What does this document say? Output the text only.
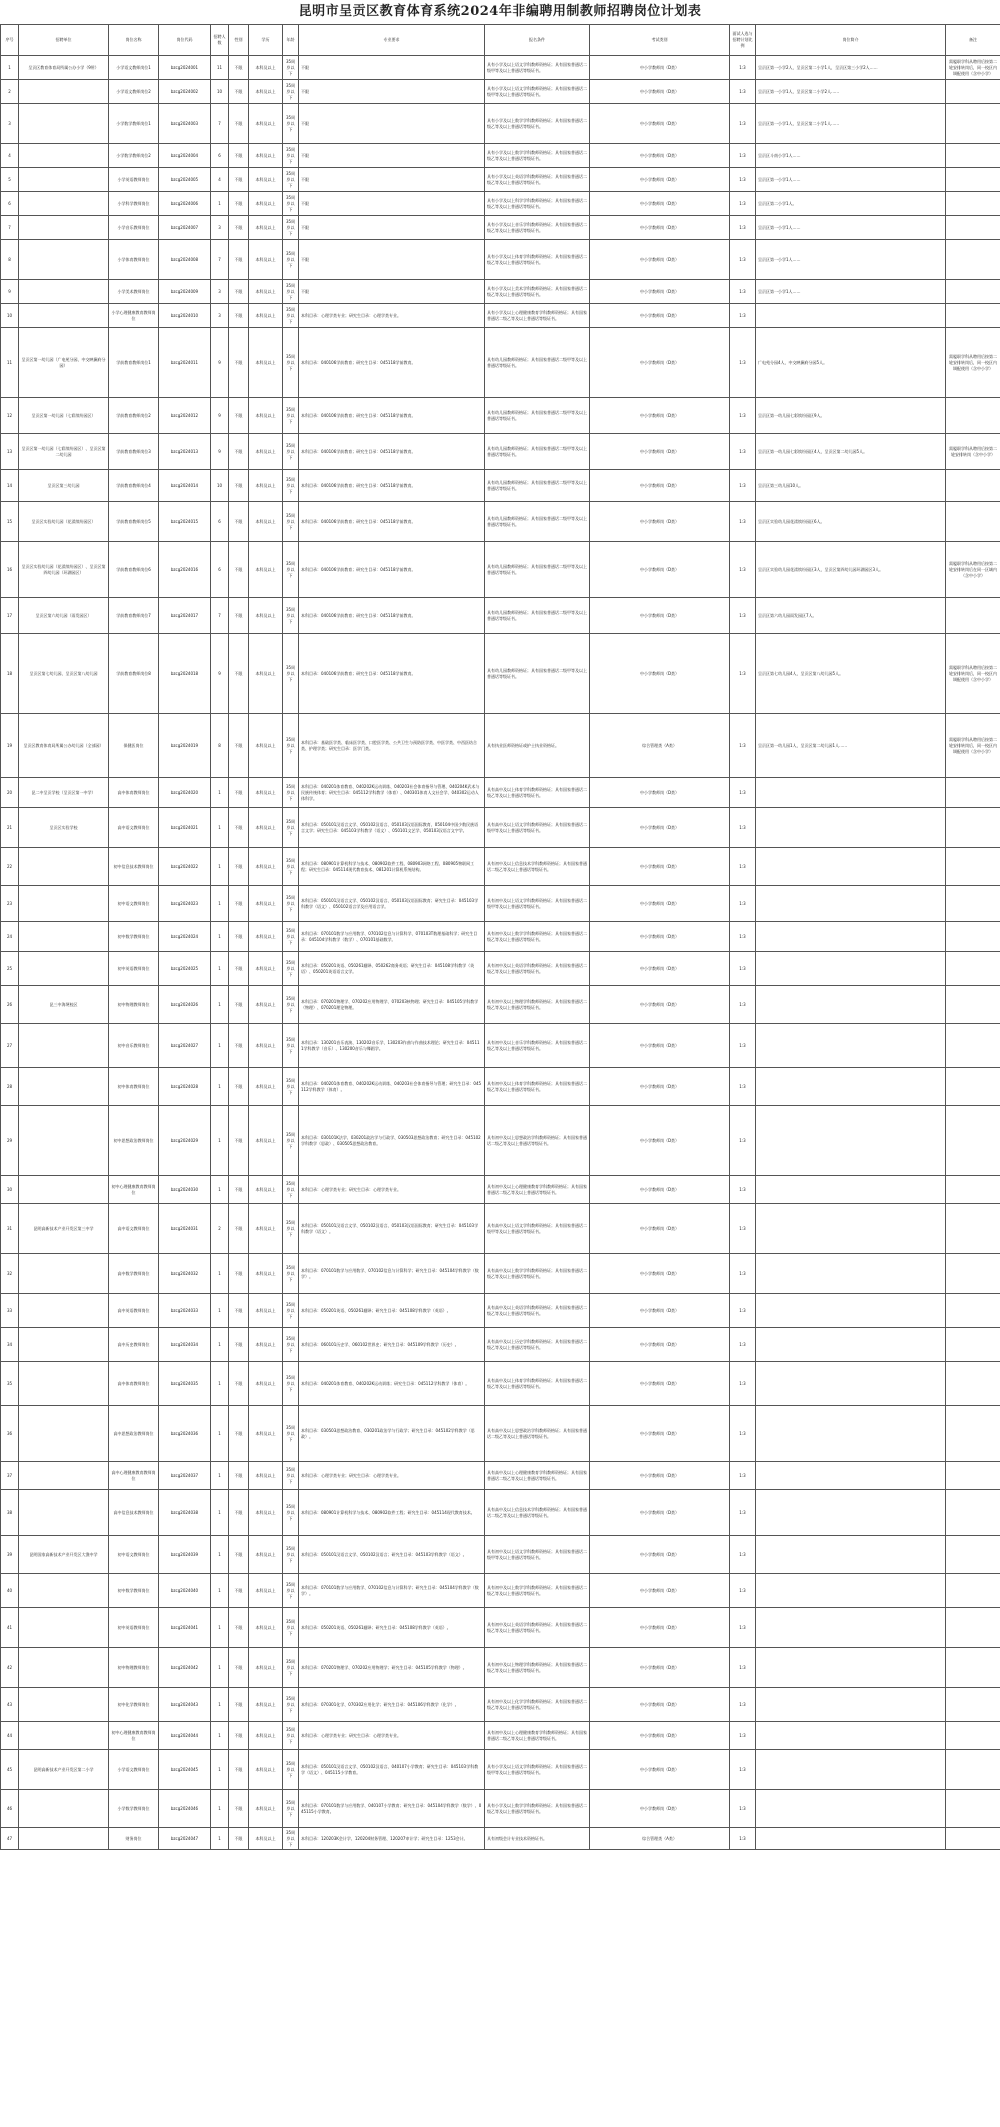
昆明市呈贡区教育体育系统2024年非编聘用制教师招聘岗位计划表
序号	招聘单位	岗位名称	岗位代码	招聘人数	性别	学历	年龄	专业要求	报名条件	考试类别	面试人选与招聘计划比例	岗位简介	备注
1	呈贡区教育体育局所属公办小学（9所）	小学语文教师岗位1	bzcg2024001	11	不限	本科及以上	35周岁以下	不限	具有小学及以上语文学科教师资格证；具有国家普通话二级甲等及以上普通话等级证书。	中小学教师岗（D类）	1:3	呈贡区第一小学2人，呈贡区第二小学1人，呈贡区第三小学2人……	需履职学科从聘用后按第二轮安排转岗后，同一校区内调配使用（含中小学）
2		小学语文教师岗位2	bzcg2024002	10	不限	本科及以上	35周岁以下	不限	具有小学及以上语文学科教师资格证；具有国家普通话二级甲等及以上普通话等级证书。	中小学教师岗（D类）	1:3	呈贡区第一小学1人，呈贡区第二小学2人……	
3		小学数学教师岗位1	bzcg2024003	7	不限	本科及以上	35周岁以下	不限	具有小学及以上数学学科教师资格证；具有国家普通话二级乙等及以上普通话等级证书。	中小学教师岗（D类）	1:3	呈贡区第一小学1人，呈贡区第二小学1人……	
4		小学数学教师岗位2	bzcg2024004	6	不限	本科及以上	35周岁以下	不限	具有小学及以上数学学科教师资格证；具有国家普通话二级乙等及以上普通话等级证书。	中小学教师岗（D类）	1:3	呈贡区斗南小学1人……	
5		小学英语教师岗位	bzcg2024005	4	不限	本科及以上	35周岁以下	不限	具有小学及以上英语学科教师资格证；具有国家普通话二级乙等及以上普通话等级证书。	中小学教师岗（D类）	1:3	呈贡区第一小学1人……	
6		小学科学教师岗位	bzcg2024006	1	不限	本科及以上	35周岁以下	不限	具有小学及以上科学学科教师资格证；具有国家普通话二级乙等及以上普通话等级证书。	中小学教师岗（D类）	1:3	呈贡区第二小学1人。	
7		小学音乐教师岗位	bzcg2024007	3	不限	本科及以上	35周岁以下	不限	具有小学及以上音乐学科教师资格证；具有国家普通话二级乙等及以上普通话等级证书。	中小学教师岗（D类）	1:3	呈贡区第一小学1人……	
8		小学体育教师岗位	bzcg2024008	7	不限	本科及以上	35周岁以下	不限	具有小学及以上体育学科教师资格证；具有国家普通话二级乙等及以上普通话等级证书。	中小学教师岗（D类）	1:3	呈贡区第一小学1人……	
9		小学美术教师岗位	bzcg2024009	3	不限	本科及以上	35周岁以下	不限	具有小学及以上美术学科教师资格证；具有国家普通话二级乙等及以上普通话等级证书。	中小学教师岗（D类）	1:3	呈贡区第一小学1人……	
10		小学心理健康教育教师岗位	bzcg2024010	3	不限	本科及以上	35周岁以下	本科目录：心理学类专业；研究生目录：心理学类专业。	具有小学及以上心理健康教育学科教师资格证；具有国家普通话二级乙等及以上普通话等级证书。	中小学教师岗（D类）	1:3		
11	呈贡区第一幼儿园（广电苑分园、中交映澜府分园）	学前教育教师岗位1	bzcg2024011	9	不限	本科及以上	35周岁以下	本科目录：040106学前教育；研究生目录：045118学前教育。	具有幼儿园教师资格证；具有国家普通话二级甲等及以上普通话等级证书。	中小学教师岗（D类）	1:3	广电苑分园4人，中交映澜府分园5人。	需履职学科从聘用后按第二轮安排转岗后，同一校区内调配使用（含中小学）
12	呈贡区第一幼儿园（七彩缤纷园区）	学前教育教师岗位2	bzcg2024012	9	不限	本科及以上	35周岁以下	本科目录：040106学前教育；研究生目录：045118学前教育。	具有幼儿园教师资格证；具有国家普通话二级甲等及以上普通话等级证书。	中小学教师岗（D类）	1:3	呈贡区第一幼儿园七彩缤纷园区9人。	
13	呈贡区第一幼儿园（七彩缤纷园区）、呈贡区第二幼儿园	学前教育教师岗位3	bzcg2024013	9	不限	本科及以上	35周岁以下	本科目录：040106学前教育；研究生目录：045118学前教育。	具有幼儿园教师资格证；具有国家普通话二级甲等及以上普通话等级证书。	中小学教师岗（D类）	1:3	呈贡区第一幼儿园七彩缤纷园区4人，呈贡区第二幼儿园5人。	需履职学科从聘用后按第二轮安排转岗（含中小学）
14	呈贡区第三幼儿园	学前教育教师岗位4	bzcg2024014	10	不限	本科及以上	35周岁以下	本科目录：040106学前教育；研究生目录：045118学前教育。	具有幼儿园教师资格证；具有国家普通话二级甲等及以上普通话等级证书。	中小学教师岗（D类）	1:3	呈贡区第三幼儿园10人。	
15	呈贡区实验幼儿园（花漾缤纷园区）	学前教育教师岗位5	bzcg2024015	6	不限	本科及以上	35周岁以下	本科目录：040106学前教育；研究生目录：045118学前教育。	具有幼儿园教师资格证；具有国家普通话二级甲等及以上普通话等级证书。	中小学教师岗（D类）	1:3	呈贡区实验幼儿园花漾缤纷园区6人。	
16	呈贡区实验幼儿园（花漾缤纷园区）、呈贡区第四幼儿园（环湖园区）	学前教育教师岗位6	bzcg2024016	6	不限	本科及以上	35周岁以下	本科目录：040106学前教育；研究生目录：045118学前教育。	具有幼儿园教师资格证；具有国家普通话二级甲等及以上普通话等级证书。	中小学教师岗（D类）	1:3	呈贡区实验幼儿园花漾缤纷园区3人，呈贡区第四幼儿园环湖园区3人。	需履职学科从聘用后按第二轮安排转岗后在同一区域内（含中小学）
17	呈贡区第六幼儿园（雨发园区）	学前教育教师岗位7	bzcg2024017	7	不限	本科及以上	35周岁以下	本科目录：040106学前教育；研究生目录：045118学前教育。	具有幼儿园教师资格证；具有国家普通话二级甲等及以上普通话等级证书。	中小学教师岗（D类）	1:3	呈贡区第六幼儿园雨发园区7人。	
18	呈贡区第七幼儿园、呈贡区第八幼儿园	学前教育教师岗位8	bzcg2024018	9	不限	本科及以上	35周岁以下	本科目录：040106学前教育；研究生目录：045118学前教育。	具有幼儿园教师资格证；具有国家普通话二级甲等及以上普通话等级证书。	中小学教师岗（D类）	1:3	呈贡区第七幼儿园4人，呈贡区第八幼儿园5人。	需履职学科从聘用后按第二轮安排转岗后，同一校区内调配使用（含中小学）
19	呈贡区教育体育局所属公办幼儿园（全部园）	保健医岗位	bzcg2024019	8	不限	本科及以上	35周岁以下	本科目录：基础医学类、临床医学类、口腔医学类、公共卫生与预防医学类、中医学类、中西医结合类、护理学类；研究生目录：医学门类。	具有执业医师资格证或护士执业资格证。	综合管理类（A类）	1:3	呈贡区第一幼儿园1人，呈贡区第二幼儿园1人……	需履职学科从聘用后按第二轮安排转岗后，同一校区内调配使用（含中小学）
20	昆二中呈贡学校（呈贡区第一中学）	高中体育教师岗位	bzcg2024020	1	不限	本科及以上	35周岁以下	本科目录：040201体育教育、040202K运动训练、040203社会体育指导与管理、040204K武术与民族传统体育；研究生目录：045112学科教学（体育）、040301体育人文社会学、040302运动人体科学。	具有高中及以上体育学科教师资格证；具有国家普通话二级乙等及以上普通话等级证书。	中小学教师岗（D类）	1:3		
21	呈贡区实验学校	高中语文教师岗位	bzcg2024021	1	不限	本科及以上	35周岁以下	本科目录：050101汉语言文学、050102汉语言、050103汉语国际教育、050104中国少数民族语言文学；研究生目录：045103学科教学（语文）、050101文艺学、050103汉语言文字学。	具有高中及以上语文学科教师资格证；具有国家普通话二级甲等及以上普通话等级证书。	中小学教师岗（D类）	1:3		
22		初中信息技术教师岗位	bzcg2024022	1	不限	本科及以上	35周岁以下	本科目录：080901计算机科学与技术、080902软件工程、080903网络工程、080905物联网工程；研究生目录：045114现代教育技术、081201计算机系统结构。	具有初中及以上信息技术学科教师资格证；具有国家普通话二级乙等及以上普通话等级证书。	中小学教师岗（D类）	1:3		
23		初中语文教师岗位	bzcg2024023	1	不限	本科及以上	35周岁以下	本科目录：050101汉语言文学、050102汉语言、050103汉语国际教育；研究生目录：045103学科教学（语文）、050102语言学及应用语言学。	具有初中及以上语文学科教师资格证；具有国家普通话二级甲等及以上普通话等级证书。	中小学教师岗（D类）	1:3		
24		初中数学教师岗位	bzcg2024024	1	不限	本科及以上	35周岁以下	本科目录：070101数学与应用数学、070102信息与计算科学、070103T数理基础科学；研究生目录：045104学科教学（数学）、070101基础数学。	具有初中及以上数学学科教师资格证；具有国家普通话二级乙等及以上普通话等级证书。	中小学教师岗（D类）	1:3		
25		初中英语教师岗位	bzcg2024025	1	不限	本科及以上	35周岁以下	本科目录：050201英语、050261翻译、050262商务英语；研究生目录：045108学科教学（英语）、050201英语语言文学。	具有初中及以上英语学科教师资格证；具有国家普通话二级乙等及以上普通话等级证书。	中小学教师岗（D类）	1:3		
26	昆三中海埂校区	初中物理教师岗位	bzcg2024026	1	不限	本科及以上	35周岁以下	本科目录：070201物理学、070202应用物理学、070203核物理；研究生目录：045105学科教学（物理）、070201理论物理。	具有初中及以上物理学科教师资格证；具有国家普通话二级乙等及以上普通话等级证书。	中小学教师岗（D类）	1:3		
27		初中音乐教师岗位	bzcg2024027	1	不限	本科及以上	35周岁以下	本科目录：130201音乐表演、130202音乐学、130203作曲与作曲技术理论；研究生目录：045111学科教学（音乐）、130200音乐与舞蹈学。	具有初中及以上音乐学科教师资格证；具有国家普通话二级乙等及以上普通话等级证书。	中小学教师岗（D类）	1:3		
28		初中体育教师岗位	bzcg2024028	1	不限	本科及以上	35周岁以下	本科目录：040201体育教育、040202K运动训练、040203社会体育指导与管理；研究生目录：045112学科教学（体育）。	具有初中及以上体育学科教师资格证；具有国家普通话二级乙等及以上普通话等级证书。	中小学教师岗（D类）	1:3		
29		初中思想政治教师岗位	bzcg2024029	1	不限	本科及以上	35周岁以下	本科目录：030101K法学、030201政治学与行政学、030503思想政治教育；研究生目录：045102学科教学（思政）、030505思想政治教育。	具有初中及以上思想政治学科教师资格证；具有国家普通话二级乙等及以上普通话等级证书。	中小学教师岗（D类）	1:3		
30		初中心理健康教育教师岗位	bzcg2024030	1	不限	本科及以上	35周岁以下	本科目录：心理学类专业；研究生目录：心理学类专业。	具有初中及以上心理健康教育学科教师资格证；具有国家普通话二级乙等及以上普通话等级证书。	中小学教师岗（D类）	1:3		
31	昆明高新技术产业开发区第三中学	高中语文教师岗位	bzcg2024031	2	不限	本科及以上	35周岁以下	本科目录：050101汉语言文学、050102汉语言、050103汉语国际教育；研究生目录：045103学科教学（语文）。	具有高中及以上语文学科教师资格证；具有国家普通话二级甲等及以上普通话等级证书。	中小学教师岗（D类）	1:3		
32		高中数学教师岗位	bzcg2024032	1	不限	本科及以上	35周岁以下	本科目录：070101数学与应用数学、070102信息与计算科学；研究生目录：045104学科教学（数学）。	具有高中及以上数学学科教师资格证；具有国家普通话二级乙等及以上普通话等级证书。	中小学教师岗（D类）	1:3		
33		高中英语教师岗位	bzcg2024033	1	不限	本科及以上	35周岁以下	本科目录：050201英语、050261翻译；研究生目录：045108学科教学（英语）。	具有高中及以上英语学科教师资格证；具有国家普通话二级乙等及以上普通话等级证书。	中小学教师岗（D类）	1:3		
34		高中历史教师岗位	bzcg2024034	1	不限	本科及以上	35周岁以下	本科目录：060101历史学、060102世界史；研究生目录：045109学科教学（历史）。	具有高中及以上历史学科教师资格证；具有国家普通话二级乙等及以上普通话等级证书。	中小学教师岗（D类）	1:3		
35		高中体育教师岗位	bzcg2024035	1	不限	本科及以上	35周岁以下	本科目录：040201体育教育、040202K运动训练；研究生目录：045112学科教学（体育）。	具有高中及以上体育学科教师资格证；具有国家普通话二级乙等及以上普通话等级证书。	中小学教师岗（D类）	1:3		
36		高中思想政治教师岗位	bzcg2024036	1	不限	本科及以上	35周岁以下	本科目录：030503思想政治教育、030201政治学与行政学；研究生目录：045102学科教学（思政）。	具有高中及以上思想政治学科教师资格证；具有国家普通话二级乙等及以上普通话等级证书。	中小学教师岗（D类）	1:3		
37		高中心理健康教育教师岗位	bzcg2024037	1	不限	本科及以上	35周岁以下	本科目录：心理学类专业；研究生目录：心理学类专业。	具有高中及以上心理健康教育学科教师资格证；具有国家普通话二级乙等及以上普通话等级证书。	中小学教师岗（D类）	1:3		
38		高中信息技术教师岗位	bzcg2024038	1	不限	本科及以上	35周岁以下	本科目录：080901计算机科学与技术、080902软件工程；研究生目录：045114现代教育技术。	具有高中及以上信息技术学科教师资格证；具有国家普通话二级乙等及以上普通话等级证书。	中小学教师岗（D类）	1:3		
39	昆明国家高新技术产业开发区大渔中学	初中语文教师岗位	bzcg2024039	1	不限	本科及以上	35周岁以下	本科目录：050101汉语言文学、050102汉语言；研究生目录：045103学科教学（语文）。	具有初中及以上语文学科教师资格证；具有国家普通话二级甲等及以上普通话等级证书。	中小学教师岗（D类）	1:3		
40		初中数学教师岗位	bzcg2024040	1	不限	本科及以上	35周岁以下	本科目录：070101数学与应用数学、070102信息与计算科学；研究生目录：045104学科教学（数学）。	具有初中及以上数学学科教师资格证；具有国家普通话二级乙等及以上普通话等级证书。	中小学教师岗（D类）	1:3		
41		初中英语教师岗位	bzcg2024041	1	不限	本科及以上	35周岁以下	本科目录：050201英语、050261翻译；研究生目录：045108学科教学（英语）。	具有初中及以上英语学科教师资格证；具有国家普通话二级乙等及以上普通话等级证书。	中小学教师岗（D类）	1:3		
42		初中物理教师岗位	bzcg2024042	1	不限	本科及以上	35周岁以下	本科目录：070201物理学、070202应用物理学；研究生目录：045105学科教学（物理）。	具有初中及以上物理学科教师资格证；具有国家普通话二级乙等及以上普通话等级证书。	中小学教师岗（D类）	1:3		
43		初中化学教师岗位	bzcg2024043	1	不限	本科及以上	35周岁以下	本科目录：070301化学、070302应用化学；研究生目录：045106学科教学（化学）。	具有初中及以上化学学科教师资格证；具有国家普通话二级乙等及以上普通话等级证书。	中小学教师岗（D类）	1:3		
44		初中心理健康教育教师岗位	bzcg2024044	1	不限	本科及以上	35周岁以下	本科目录：心理学类专业；研究生目录：心理学类专业。	具有初中及以上心理健康教育学科教师资格证；具有国家普通话二级乙等及以上普通话等级证书。	中小学教师岗（D类）	1:3		
45	昆明高新技术产业开发区第二小学	小学语文教师岗位	bzcg2024045	1	不限	本科及以上	35周岁以下	本科目录：050101汉语言文学、050102汉语言、040107小学教育；研究生目录：045103学科教学（语文）、045115小学教育。	具有小学及以上语文学科教师资格证；具有国家普通话二级甲等及以上普通话等级证书。	中小学教师岗（D类）	1:3		
46		小学数学教师岗位	bzcg2024046	1	不限	本科及以上	35周岁以下	本科目录：070101数学与应用数学、040107小学教育；研究生目录：045104学科教学（数学）、045115小学教育。	具有小学及以上数学学科教师资格证；具有国家普通话二级乙等及以上普通话等级证书。	中小学教师岗（D类）	1:3		
47		财务岗位	bzcg2024047	1	不限	本科及以上	35周岁以下	本科目录：120203K会计学、120204财务管理、120207审计学；研究生目录：1253会计。	具有初级会计专业技术资格证书。	综合管理类（A类）	1:3		
